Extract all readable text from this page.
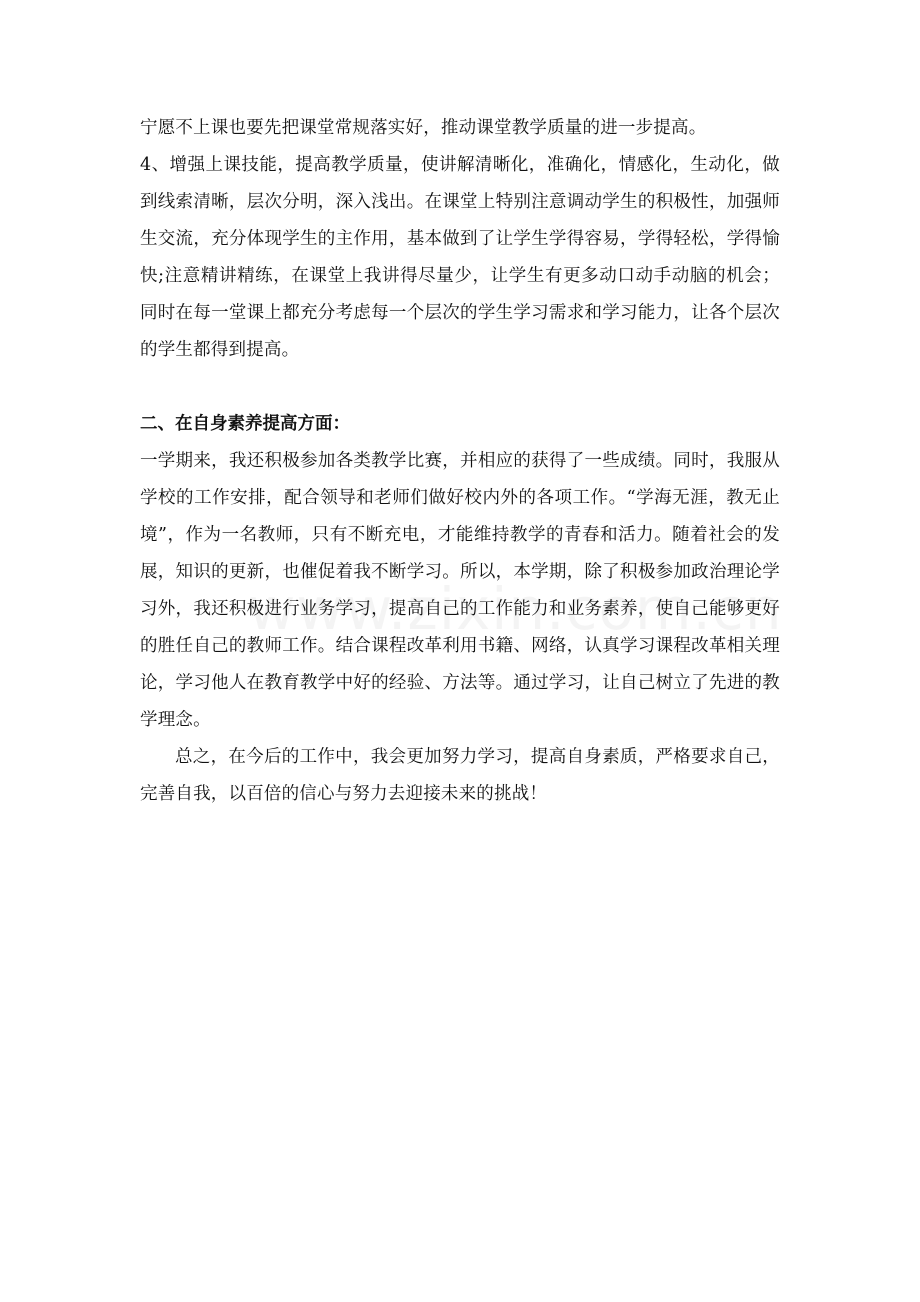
宁愿不上课也要先把课堂常规落实好，推动课堂教学质量的进一步提高。

4、增强上课技能，提高教学质量，使讲解清晰化，准确化，情感化，生动化，做到线索清晰，层次分明，深入浅出。在课堂上特别注意调动学生的积极性，加强师生交流，充分体现学生的主作用，基本做到了让学生学得容易，学得轻松，学得愉快;注意精讲精练，在课堂上我讲得尽量少，让学生有更多动口动手动脑的机会；同时在每一堂课上都充分考虑每一个层次的学生学习需求和学习能力，让各个层次的学生都得到提高。

二、在自身素养提高方面：

一学期来，我还积极参加各类教学比赛，并相应的获得了一些成绩。同时，我服从学校的工作安排，配合领导和老师们做好校内外的各项工作。“学海无涯，教无止境”，作为一名教师，只有不断充电，才能维持教学的青春和活力。随着社会的发展，知识的更新，也催促着我不断学习。所以，本学期，除了积极参加政治理论学习外，我还积极进行业务学习，提高自己的工作能力和业务素养，使自己能够更好的胜任自己的教师工作。结合课程改革利用书籍、网络，认真学习课程改革相关理论，学习他人在教育教学中好的经验、方法等。通过学习，让自己树立了先进的教学理念。

总之，在今后的工作中，我会更加努力学习，提高自身素质，严格要求自己，完善自我，以百倍的信心与努力去迎接未来的挑战！
